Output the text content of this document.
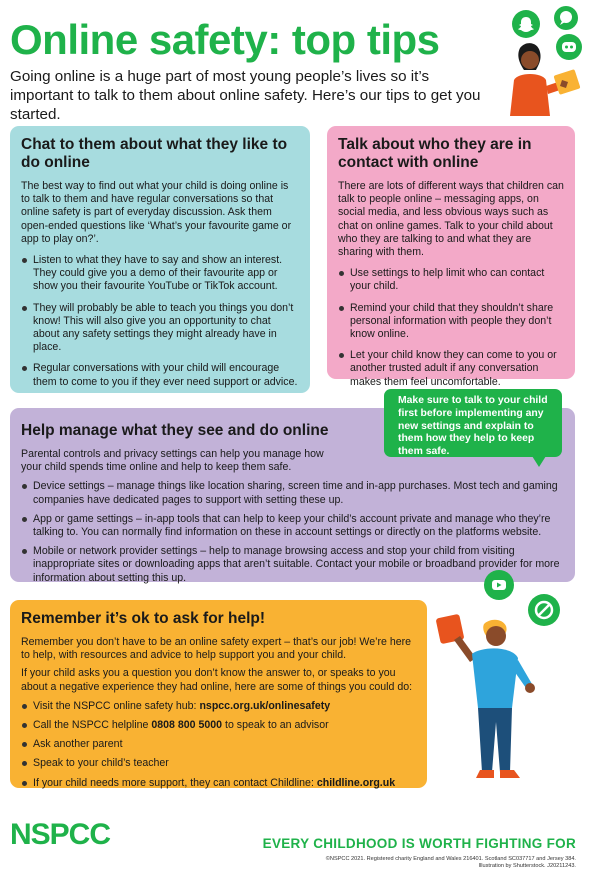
Online safety: top tips
Going online is a huge part of most young people’s lives so it’s important to talk to them about online safety. Here’s our tips to get you started.
Chat to them about what they like to do online

The best way to find out what your child is doing online is to talk to them and have regular conversations so that online safety is part of everyday discussion. Ask them open-ended questions like ‘What’s your favourite game or app to play on?’.

Listen to what they have to say and show an interest. They could give you a demo of their favourite app or show you their favourite YouTube or TikTok account.
They will probably be able to teach you things you don’t know! This will also give you an opportunity to chat about any safety settings they might already have in place.
Regular conversations with your child will encourage them to come to you if they ever need support or advice.
Talk about who they are in contact with online

There are lots of different ways that children can talk to people online – messaging apps, on social media, and less obvious ways such as chat on online games. Talk to your child about who they are talking to and what they are sharing with them.

Use settings to help limit who can contact your child.
Remind your child that they shouldn’t share personal information with people they don’t know online.
Let your child know they can come to you or another trusted adult if any conversation makes them feel uncomfortable.
Help manage what they see and do online

Parental controls and privacy settings can help you manage how your child spends time online and help to keep them safe.

Device settings – manage things like location sharing, screen time and in-app purchases. Most tech and gaming companies have dedicated pages to support with setting these up.
App or game settings – in-app tools that can help to keep your child’s account private and manage who they’re talking to. You can normally find information on these in account settings or directly on the platforms website.
Mobile or network provider settings – help to manage browsing access and stop your child from visiting inappropriate sites or downloading apps that aren’t suitable. Contact your mobile or broadband provider for more information about setting this up.
Make sure to talk to your child first before implementing any new settings and explain to them how they help to keep them safe.
Remember it’s ok to ask for help!

Remember you don’t have to be an online safety expert – that’s our job! We’re here to help, with resources and advice to help support you and your child.

If your child asks you a question you don’t know the answer to, or speaks to you about a negative experience they had online, here are some of things you could do:

Visit the NSPCC online safety hub: nspcc.org.uk/onlinesafety
Call the NSPCC helpline 0808 800 5000 to speak to an advisor
Ask another parent
Speak to your child’s teacher
If your child needs more support, they can contact Childline: childline.org.uk
NSPCC	EVERY CHILDHOOD IS WORTH FIGHTING FOR
©NSPCC 2021. Registered charity England and Wales 216401. Scotland SC037717 and Jersey 384. Illustration by Shutterstock. J20211243.
